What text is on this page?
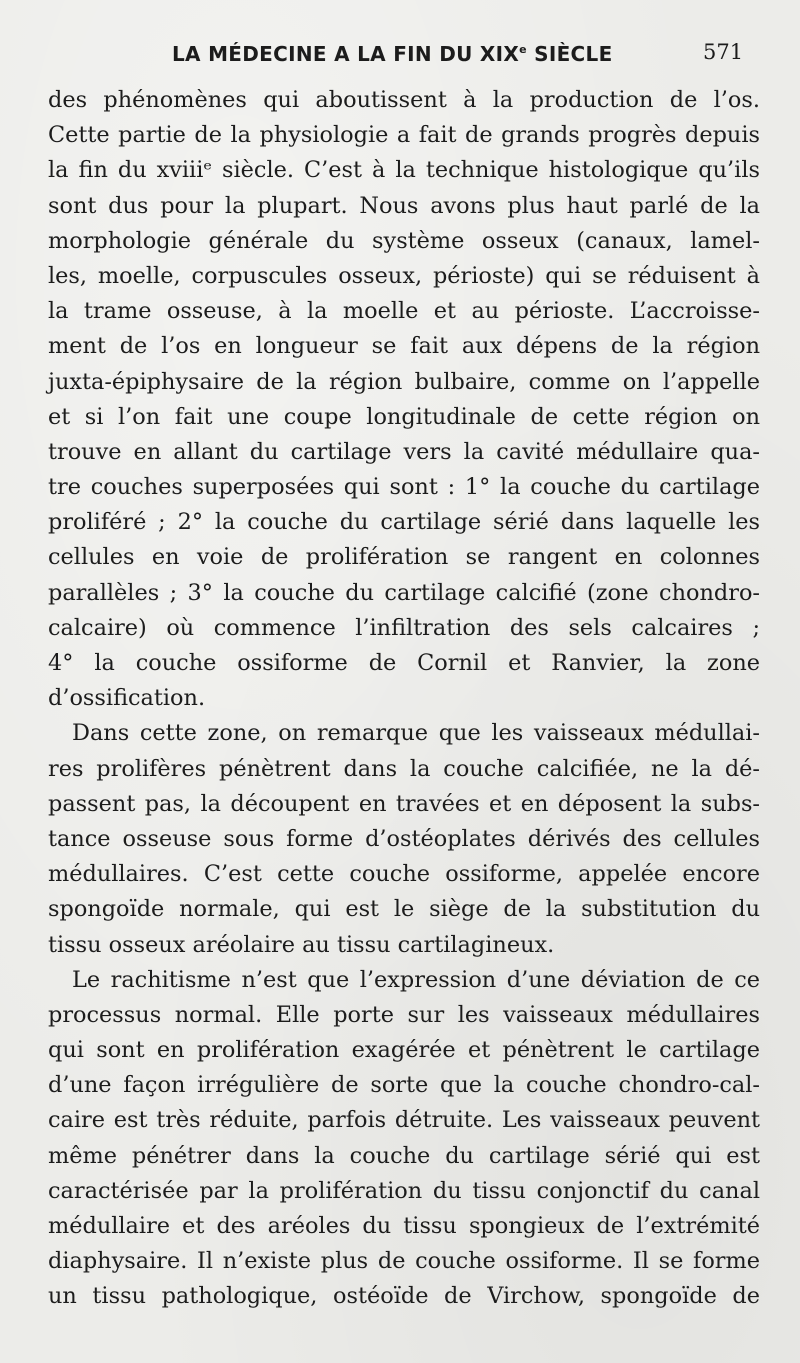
LA MÉDECINE A LA FIN DU XIXe SIÈCLE	571
des phénomènes qui aboutissent à la production de l’os.
Cette partie de la physiologie a fait de grands progrès depuis
la fin du xviiiᵉ siècle. C’est à la technique histologique qu’ils
sont dus pour la plupart. Nous avons plus haut parlé de la
morphologie générale du système osseux (canaux, lamel-
les, moelle, corpuscules osseux, périoste) qui se réduisent à
la trame osseuse, à la moelle et au périoste. L’accroisse-
ment de l’os en longueur se fait aux dépens de la région
juxta-épiphysaire de la région bulbaire, comme on l’appelle
et si l’on fait une coupe longitudinale de cette région on
trouve en allant du cartilage vers la cavité médullaire qua-
tre couches superposées qui sont : 1° la couche du cartilage
proliféré ; 2° la couche du cartilage sérié dans laquelle les
cellules en voie de prolifération se rangent en colonnes
parallèles ; 3° la couche du cartilage calcifié (zone chondro-
calcaire) où commence l’infiltration des sels calcaires ;
4° la couche ossiforme de Cornil et Ranvier, la zone
d’ossification.
Dans cette zone, on remarque que les vaisseaux médullai-
res prolifères pénètrent dans la couche calcifiée, ne la dé-
passent pas, la découpent en travées et en déposent la subs-
tance osseuse sous forme d’ostéoplates dérivés des cellules
médullaires. C’est cette couche ossiforme, appelée encore
spongoïde normale, qui est le siège de la substitution du
tissu osseux aréolaire au tissu cartilagineux.
Le rachitisme n’est que l’expression d’une déviation de ce
processus normal. Elle porte sur les vaisseaux médullaires
qui sont en prolifération exagérée et pénètrent le cartilage
d’une façon irrégulière de sorte que la couche chondro-cal-
caire est très réduite, parfois détruite. Les vaisseaux peuvent
même pénétrer dans la couche du cartilage sérié qui est
caractérisée par la prolifération du tissu conjonctif du canal
médullaire et des aréoles du tissu spongieux de l’extrémité
diaphysaire. Il n’existe plus de couche ossiforme. Il se forme
un tissu pathologique, ostéoïde de Virchow, spongoïde de
